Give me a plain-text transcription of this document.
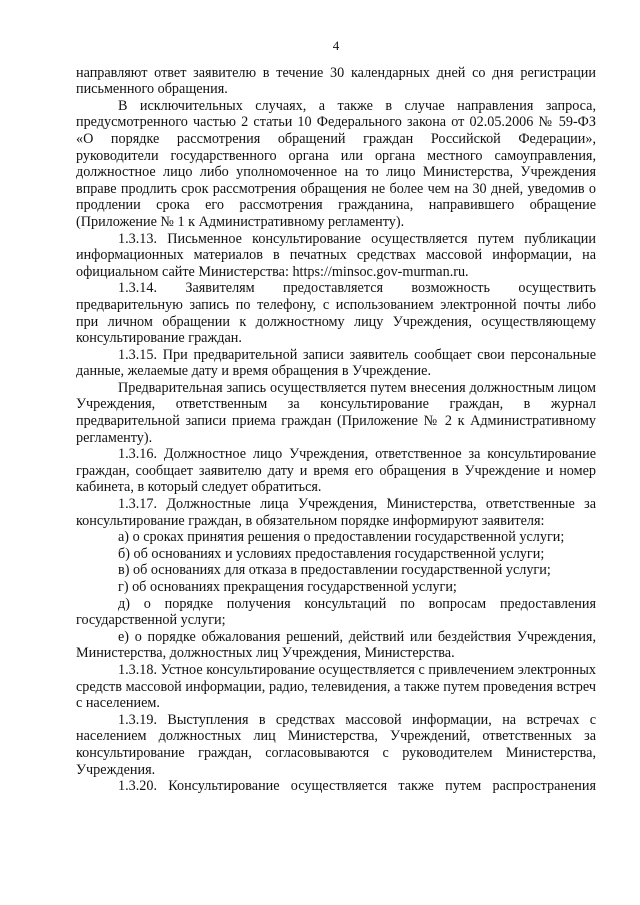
4

направляют ответ заявителю в течение 30 календарных дней со дня регистрации письменного обращения.

В исключительных случаях, а также в случае направления запроса, предусмотренного частью 2 статьи 10 Федерального закона от 02.05.2006 № 59-ФЗ «О порядке рассмотрения обращений граждан Российской Федерации», руководители государственного органа или органа местного самоуправления, должностное лицо либо уполномоченное на то лицо Министерства, Учреждения вправе продлить срок рассмотрения обращения не более чем на 30 дней, уведомив о продлении срока его рассмотрения гражданина, направившего обращение (Приложение № 1 к Административному регламенту).

1.3.13. Письменное консультирование осуществляется путем публикации информационных материалов в печатных средствах массовой информации, на официальном сайте Министерства: https://minsoc.gov-murman.ru.

1.3.14. Заявителям предоставляется возможность осуществить предварительную запись по телефону, с использованием электронной почты либо при личном обращении к должностному лицу Учреждения, осуществляющему консультирование граждан.

1.3.15. При предварительной записи заявитель сообщает свои персональные данные, желаемые дату и время обращения в Учреждение.

Предварительная запись осуществляется путем внесения должностным лицом Учреждения, ответственным за консультирование граждан, в журнал предварительной записи приема граждан (Приложение № 2 к Административному регламенту).

1.3.16. Должностное лицо Учреждения, ответственное за консультирование граждан, сообщает заявителю дату и время его обращения в Учреждение и номер кабинета, в который следует обратиться.

1.3.17. Должностные лица Учреждения, Министерства, ответственные за консультирование граждан, в обязательном порядке информируют заявителя:

а) о сроках принятия решения о предоставлении государственной услуги;

б) об основаниях и условиях предоставления государственной услуги;

в) об основаниях для отказа в предоставлении государственной услуги;

г) об основаниях прекращения государственной услуги;

д) о порядке получения консультаций по вопросам предоставления государственной услуги;

е) о порядке обжалования решений, действий или бездействия Учреждения, Министерства, должностных лиц Учреждения, Министерства.

1.3.18. Устное консультирование осуществляется с привлечением электронных средств массовой информации, радио, телевидения, а также путем проведения встреч с населением.

1.3.19. Выступления в средствах массовой информации, на встречах с населением должностных лиц Министерства, Учреждений, ответственных за консультирование граждан, согласовываются с руководителем Министерства, Учреждения.

1.3.20. Консультирование осуществляется также путем распространения
